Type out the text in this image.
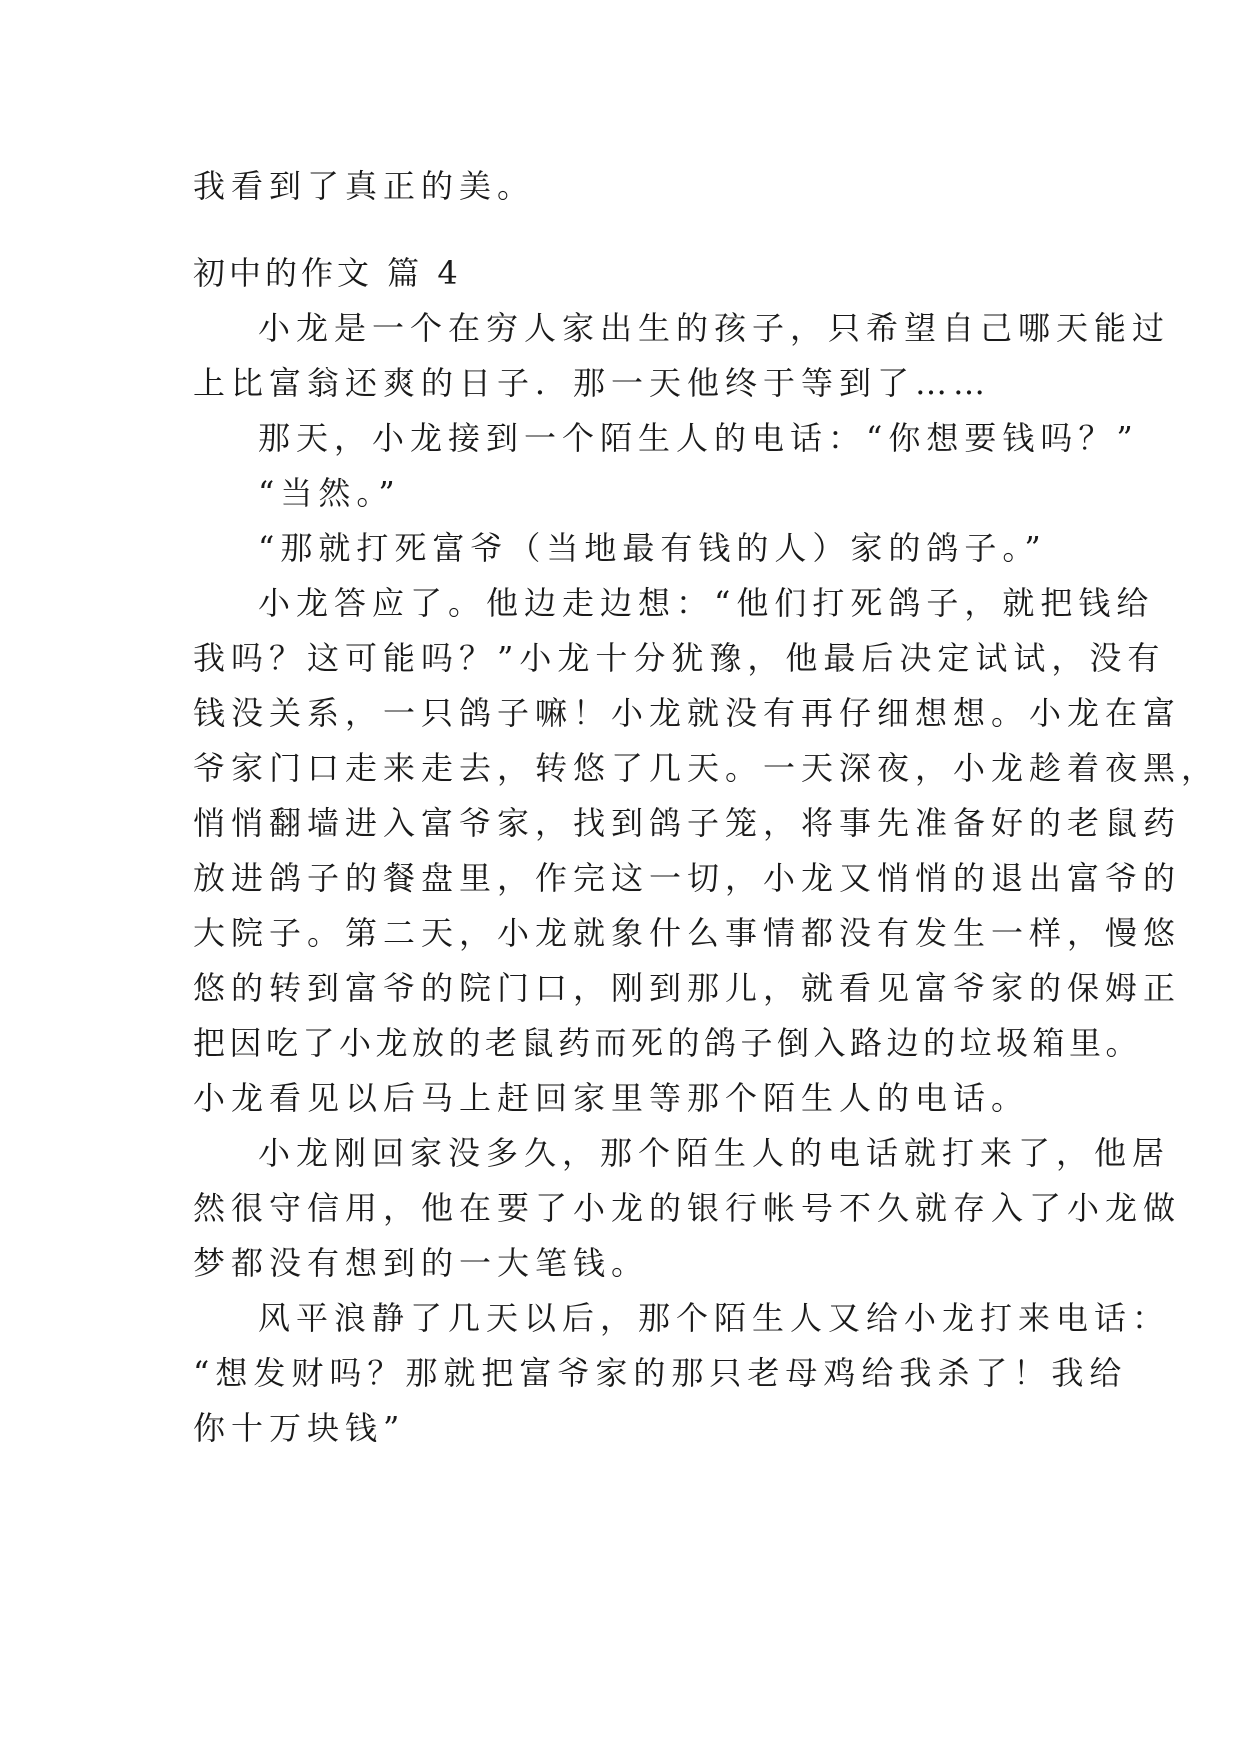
我看到了真正的美。
初中的作文 篇 4
小龙是一个在穷人家出生的孩子，只希望自己哪天能过
上比富翁还爽的日子．那一天他终于等到了……
那天，小龙接到一个陌生人的电话：“你想要钱吗？”
“当然。”
“那就打死富爷（当地最有钱的人）家的鸽子。”
小龙答应了。他边走边想：“他们打死鸽子，就把钱给
我吗？这可能吗？”小龙十分犹豫，他最后决定试试，没有
钱没关系，一只鸽子嘛！小龙就没有再仔细想想。小龙在富
爷家门口走来走去，转悠了几天。一天深夜，小龙趁着夜黑，
悄悄翻墙进入富爷家，找到鸽子笼，将事先准备好的老鼠药
放进鸽子的餐盘里，作完这一切，小龙又悄悄的退出富爷的
大院子。第二天，小龙就象什么事情都没有发生一样，慢悠
悠的转到富爷的院门口，刚到那儿，就看见富爷家的保姆正
把因吃了小龙放的老鼠药而死的鸽子倒入路边的垃圾箱里。
小龙看见以后马上赶回家里等那个陌生人的电话。
小龙刚回家没多久，那个陌生人的电话就打来了，他居
然很守信用，他在要了小龙的银行帐号不久就存入了小龙做
梦都没有想到的一大笔钱。
风平浪静了几天以后，那个陌生人又给小龙打来电话：
“想发财吗？那就把富爷家的那只老母鸡给我杀了！我给
你十万块钱”
